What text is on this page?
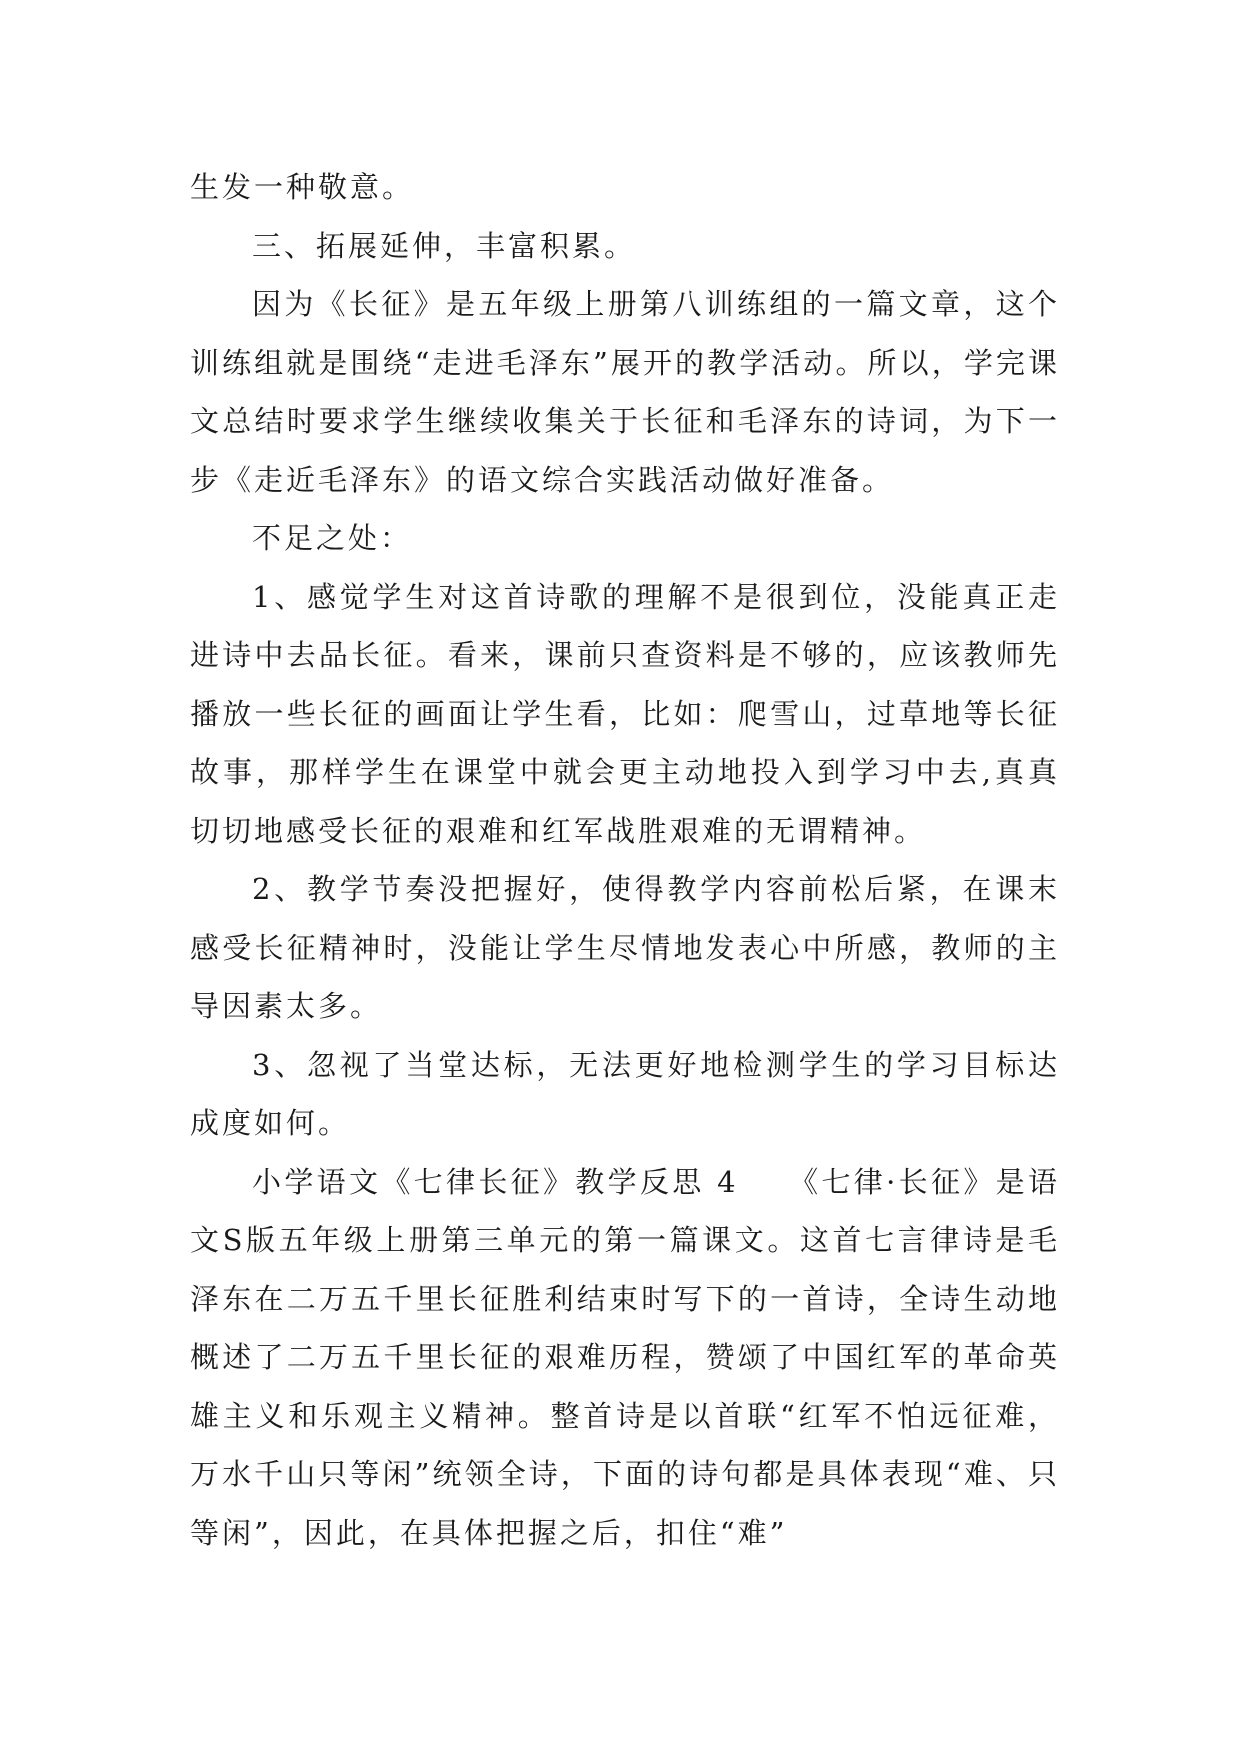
生发一种敬意。

三、拓展延伸，丰富积累。

因为《长征》是五年级上册第八训练组的一篇文章，这个训练组就是围绕“走进毛泽东”展开的教学活动。所以，学完课文总结时要求学生继续收集关于长征和毛泽东的诗词，为下一步《走近毛泽东》的语文综合实践活动做好准备。

不足之处：

1、感觉学生对这首诗歌的理解不是很到位，没能真正走进诗中去品长征。看来，课前只查资料是不够的，应该教师先播放一些长征的画面让学生看，比如：爬雪山，过草地等长征故事，那样学生在课堂中就会更主动地投入到学习中去,真真切切地感受长征的艰难和红军战胜艰难的无谓精神。

2、教学节奏没把握好，使得教学内容前松后紧，在课末感受长征精神时，没能让学生尽情地发表心中所感，教师的主导因素太多。

3、忽视了当堂达标，无法更好地检测学生的学习目标达成度如何。

小学语文《七律长征》教学反思 4　　《七律·长征》是语文S版五年级上册第三单元的第一篇课文。这首七言律诗是毛泽东在二万五千里长征胜利结束时写下的一首诗，全诗生动地概述了二万五千里长征的艰难历程，赞颂了中国红军的革命英雄主义和乐观主义精神。整首诗是以首联“红军不怕远征难，万水千山只等闲”统领全诗，下面的诗句都是具体表现“难、只等闲”，因此，在具体把握之后，扣住“难”
